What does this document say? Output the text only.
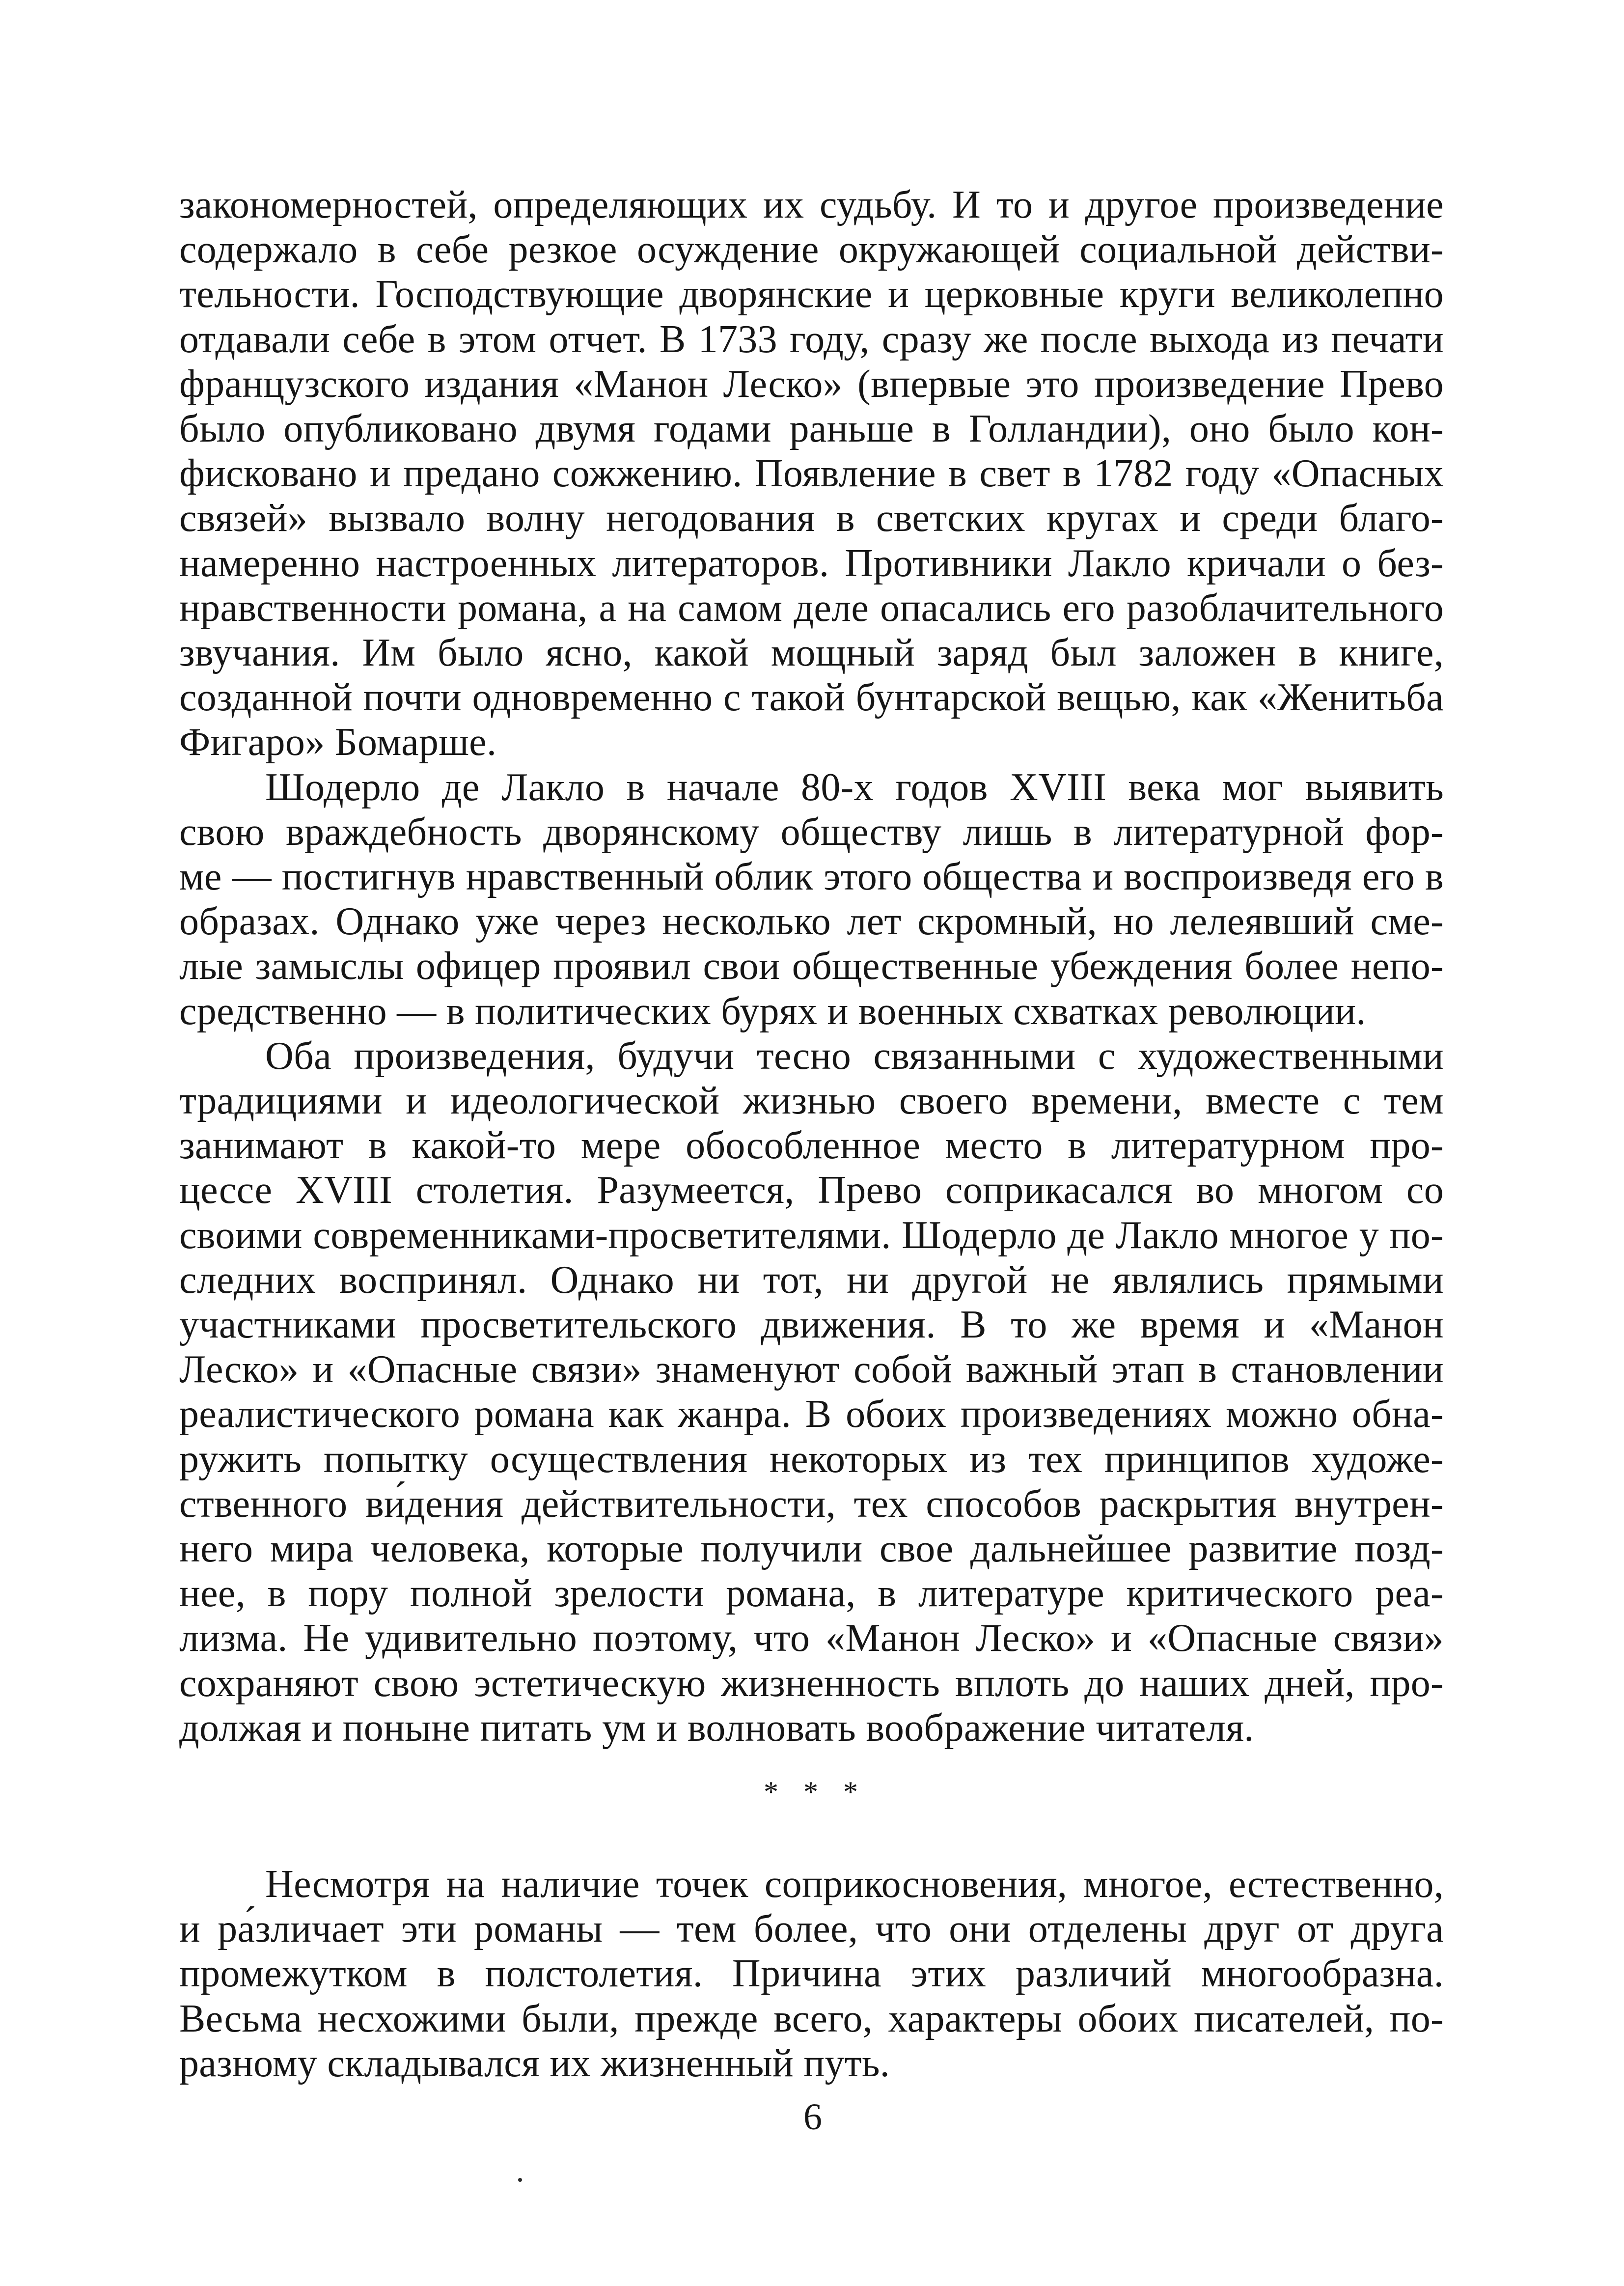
закономерностей, определяющих их судьбу. И то и другое произведение
содержало в себе резкое осуждение окружающей социальной действи-
тельности. Господствующие дворянские и церковные круги великолепно
отдавали себе в этом отчет. В 1733 году, сразу же после выхода из печати
французского издания «Манон Леско» (впервые это произведение Прево
было опубликовано двумя годами раньше в Голландии), оно было кон-
фисковано и предано сожжению. Появление в свет в 1782 году «Опасных
связей» вызвало волну негодования в светских кругах и среди благо-
намеренно настроенных литераторов. Противники Лакло кричали о без-
нравственности романа, а на самом деле опасались его разоблачительного
звучания. Им было ясно, какой мощный заряд был заложен в книге,
созданной почти одновременно с такой бунтарской вещью, как «Женитьба
Фигаро» Бомарше.
Шодерло де Лакло в начале 80-х годов XVIII века мог выявить
свою враждебность дворянскому обществу лишь в литературной фор-
ме — постигнув нравственный облик этого общества и воспроизведя его в
образах. Однако уже через несколько лет скромный, но лелеявший сме-
лые замыслы офицер проявил свои общественные убеждения более непо-
средственно — в политических бурях и военных схватках революции.
Оба произведения, будучи тесно связанными с художественными
традициями и идеологической жизнью своего времени, вместе с тем
занимают в какой-то мере обособленное место в литературном про-
цессе XVIII столетия. Разумеется, Прево соприкасался во многом со
своими современниками-просветителями. Шодерло де Лакло многое у по-
следних воспринял. Однако ни тот, ни другой не являлись прямыми
участниками просветительского движения. В то же время и «Манон
Леско» и «Опасные связи» знаменуют собой важный этап в становлении
реалистического романа как жанра. В обоих произведениях можно обна-
ружить попытку осуществления некоторых из тех принципов художе-
ственного ви́дения действительности, тех способов раскрытия внутрен-
него мира человека, которые получили свое дальнейшее развитие позд-
нее, в пору полной зрелости романа, в литературе критического реа-
лизма. Не удивительно поэтому, что «Манон Леско» и «Опасные связи»
сохраняют свою эстетическую жизненность вплоть до наших дней, про-
должая и поныне питать ум и волновать воображение читателя.
* * *
Несмотря на наличие точек соприкосновения, многое, естественно,
и ра́зличает эти романы — тем более, что они отделены друг от друга
промежутком в полстолетия. Причина этих различий многообразна.
Весьма несхожими были, прежде всего, характеры обоих писателей, по-
разному складывался их жизненный путь.
6
